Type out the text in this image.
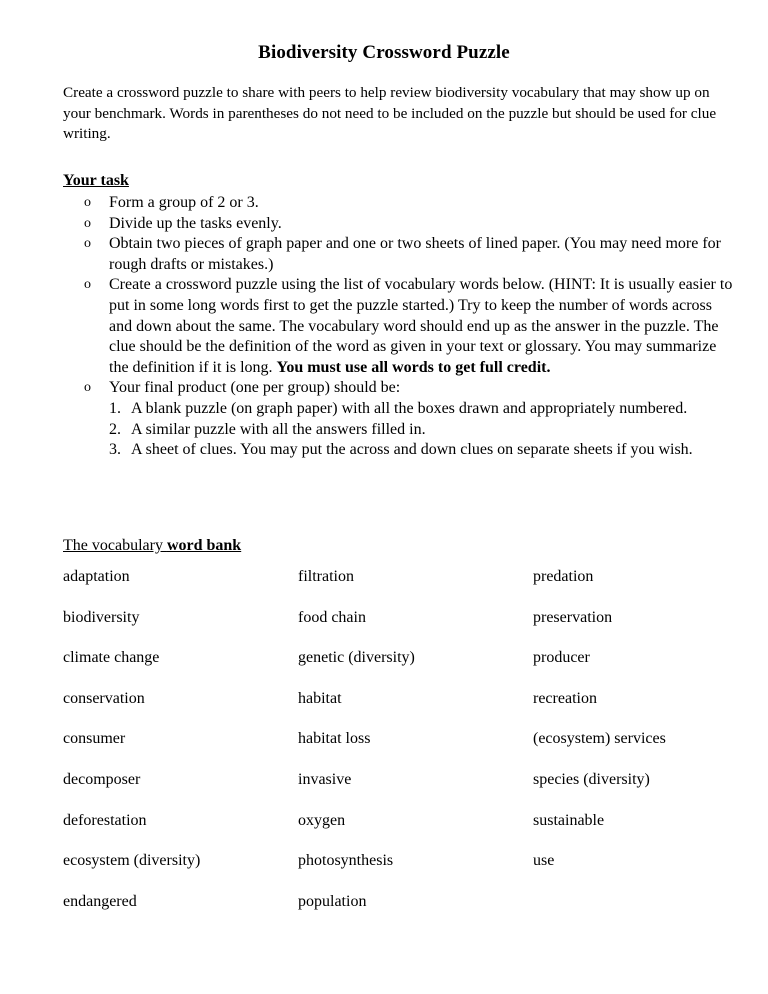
Biodiversity Crossword Puzzle
Create a crossword puzzle to share with peers to help review biodiversity vocabulary that may show up on your benchmark. Words in parentheses do not need to be included on the puzzle but should be used for clue writing.
Your task
o Form a group of 2 or 3.
o Divide up the tasks evenly.
o Obtain two pieces of graph paper and one or two sheets of lined paper. (You may need more for rough drafts or mistakes.)
o Create a crossword puzzle using the list of vocabulary words below. (HINT: It is usually easier to put in some long words first to get the puzzle started.) Try to keep the number of words across and down about the same. The vocabulary word should end up as the answer in the puzzle. The clue should be the definition of the word as given in your text or glossary. You may summarize the definition if it is long. You must use all words to get full credit.
o Your final product (one per group) should be:
1. A blank puzzle (on graph paper) with all the boxes drawn and appropriately numbered.
2. A similar puzzle with all the answers filled in.
3. A sheet of clues. You may put the across and down clues on separate sheets if you wish.
The vocabulary word bank
adaptation	filtration	predation
biodiversity	food chain	preservation
climate change	genetic (diversity)	producer
conservation	habitat	recreation
consumer	habitat loss	(ecosystem) services
decomposer	invasive	species (diversity)
deforestation	oxygen	sustainable
ecosystem (diversity)	photosynthesis	use
endangered	population
